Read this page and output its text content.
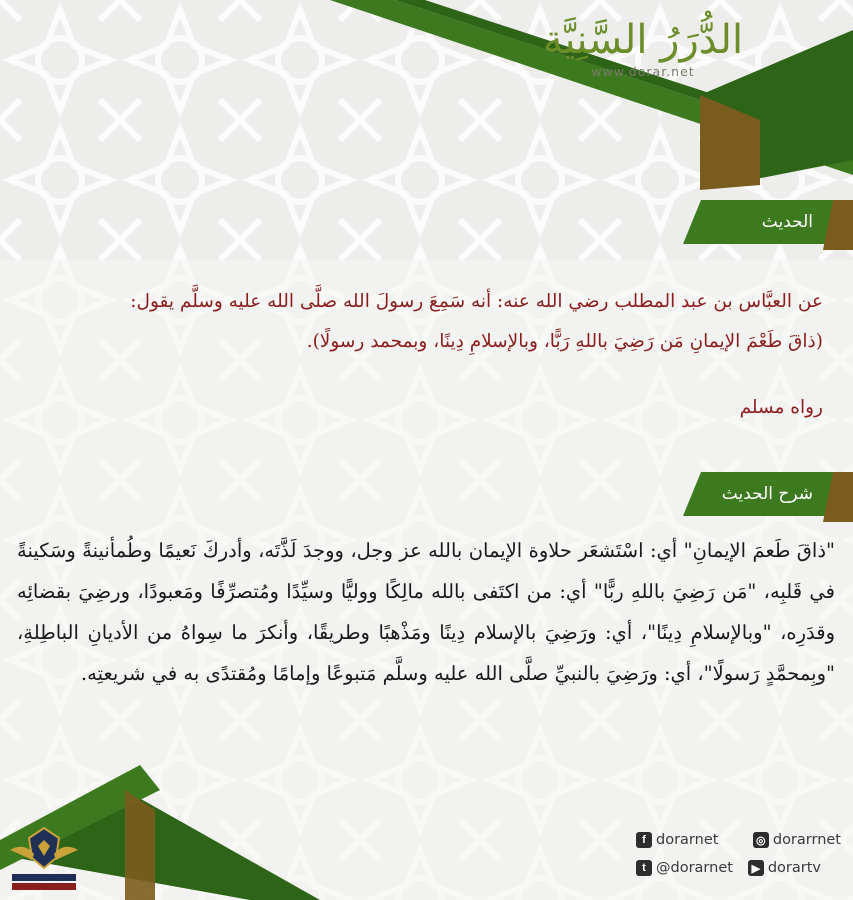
الدُّرَرُ السَّنِيَّة
www.dorar.net
الحديث

عن العبَّاس بن عبد المطلب رضي الله عنه: أنه سَمِعَ رسولَ الله صلَّى الله عليه وسلَّم يقول:

(ذاقَ طَعْمَ الإيمانِ مَن رَضِيَ باللهِ رَبًّا، وبالإسلامِ دِينًا، وبمحمد رسولًا).

رواه مسلم
شرح الحديث
"ذاقَ طَعمَ الإيمانِ" أي: اسْتَشعَر حلاوة الإيمان بالله عز وجل، ووجدَ لَذَّتَه، وأدركَ نَعيمًا وطُمأنينةً وسَكينةً في قَلبِه، "مَن رَضِيَ باللهِ ربًّا" أي: من اكتَفى بالله مالِكًا ووليًّا وسيِّدًا ومُتصرِّفًا ومَعبودًا، ورضِيَ بقضائِه وقدَرِه، "وبالإسلامِ دِينًا"، أي: ورَضِيَ بالإسلام دِينًا ومَذْهبًا وطريقًا، وأنكرَ ما سِواهُ من الأديانِ الباطِلةِ، "وبِمحمَّدٍ رَسولًا"، أي: ورَضِيَ بالنبيِّ صلَّى الله عليه وسلَّم مَتبوعًا وإمامًا ومُقتدًى به في شريعتِه.
◎ dorarrnet
f dorarnet
▶ dorartv
t @dorarnet
